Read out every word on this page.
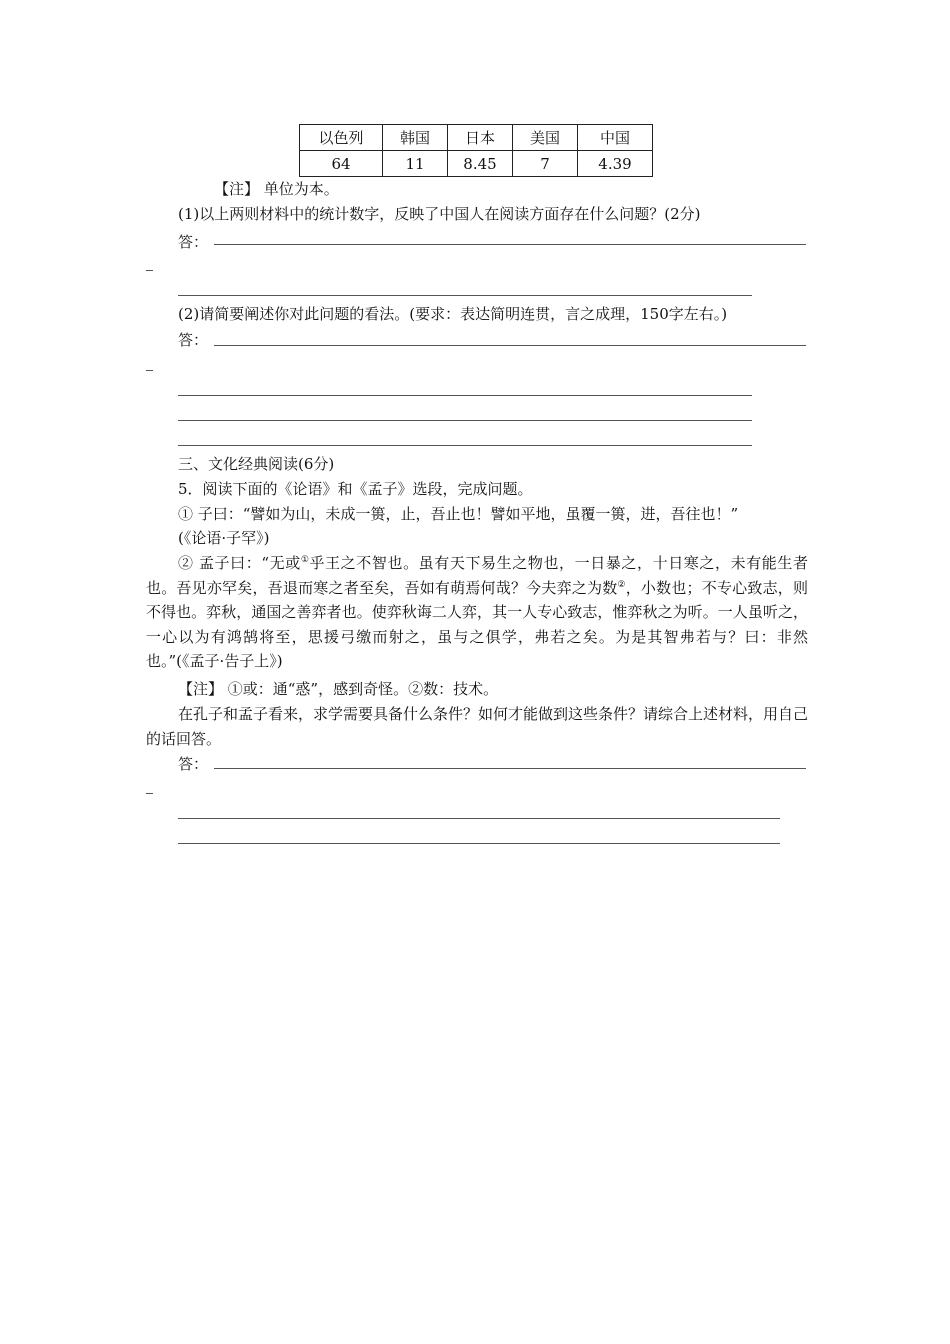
以色列	韩国	日本	美国	中国
64	11	8.45	7	4.39
【注】 单位为本。
(1)以上两则材料中的统计数字，反映了中国人在阅读方面存在什么问题？(2分)
答：
(2)请简要阐述你对此问题的看法。(要求：表达简明连贯，言之成理，150字左右。)
答：
三、文化经典阅读(6分)
5．阅读下面的《论语》和《孟子》选段，完成问题。
① 子曰：“譬如为山，未成一篑，止，吾止也！譬如平地，虽覆一篑，进，吾往也！”
(《论语·子罕》)
② 孟子曰：“无或①乎王之不智也。虽有天下易生之物也，一日暴之，十日寒之，未有能生者也。吾见亦罕矣，吾退而寒之者至矣，吾如有萌焉何哉？今夫弈之为数②，小数也；不专心致志，则不得也。弈秋，通国之善弈者也。使弈秋诲二人弈，其一人专心致志，惟弈秋之为听。一人虽听之，一心以为有鸿鹄将至，思援弓缴而射之，虽与之俱学，弗若之矣。为是其智弗若与？曰：非然也。”(《孟子·告子上》)
【注】 ①或：通“惑”，感到奇怪。②数：技术。
在孔子和孟子看来，求学需要具备什么条件？如何才能做到这些条件？请综合上述材料，用自己的话回答。
答：
